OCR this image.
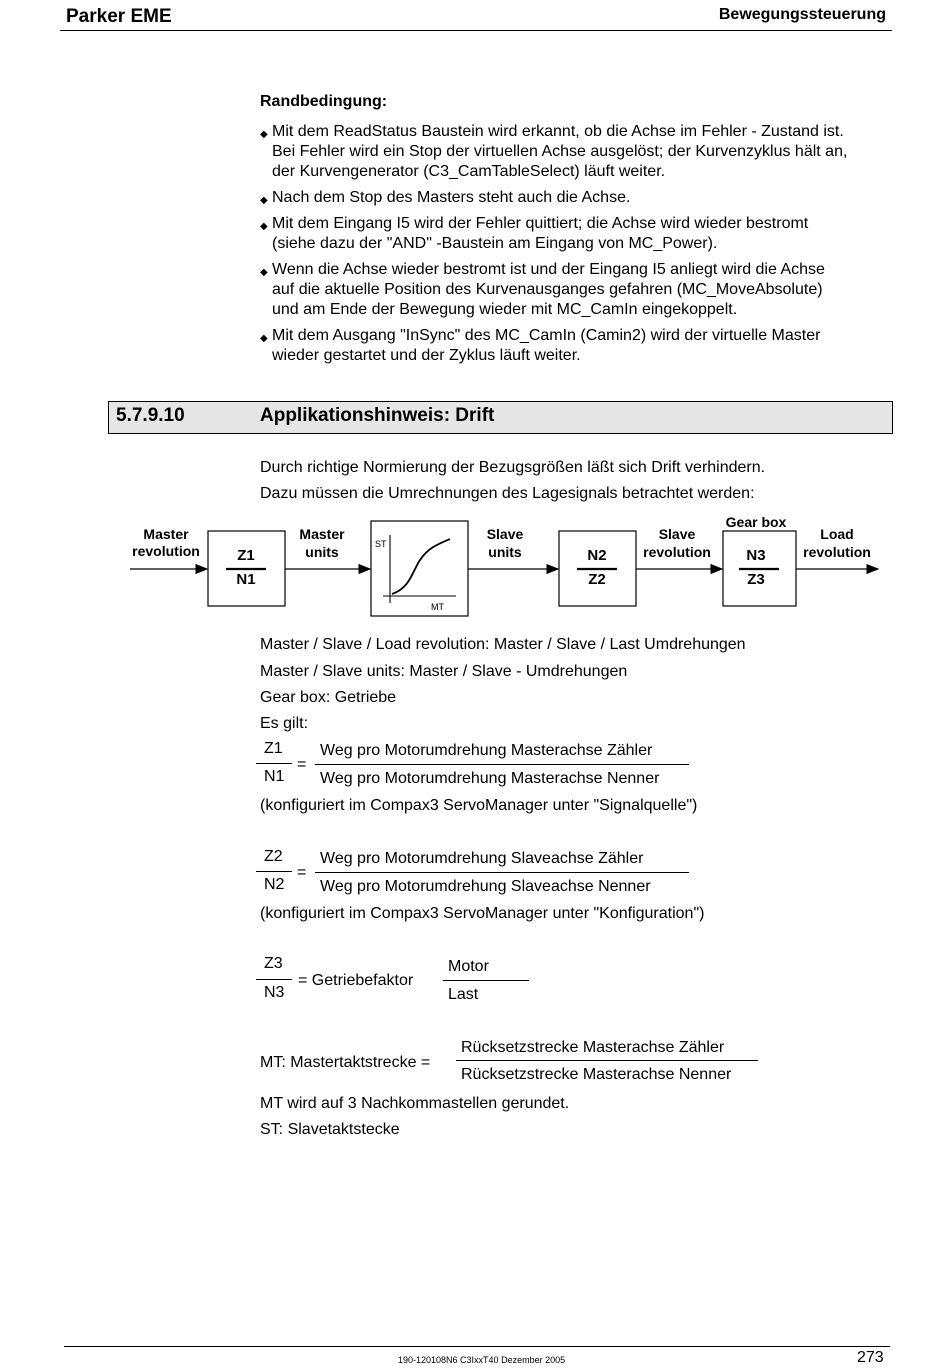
Parker EME	Bewegungssteuerung
Randbedingung:
◆ Mit dem ReadStatus Baustein wird erkannt, ob die Achse im Fehler - Zustand ist.
Bei Fehler wird ein Stop der virtuellen Achse ausgelöst; der Kurvenzyklus hält an,
der Kurvengenerator (C3_CamTableSelect) läuft weiter.
◆ Nach dem Stop des Masters steht auch die Achse.
◆ Mit dem Eingang I5 wird der Fehler quittiert; die Achse wird wieder bestromt
(siehe dazu der "AND" -Baustein am Eingang von MC_Power).
◆ Wenn die Achse wieder bestromt ist und der Eingang I5 anliegt wird die Achse
auf die aktuelle Position des Kurvenausganges gefahren (MC_MoveAbsolute)
und am Ende der Bewegung wieder mit MC_CamIn eingekoppelt.
◆ Mit dem Ausgang "InSync" des MC_CamIn (Camin2) wird der virtuelle Master
wieder gestartet und der Zyklus läuft weiter.
5.7.9.10	Applikationshinweis: Drift
Durch richtige Normierung der Bezugsgrößen läßt sich Drift verhindern.
Dazu müssen die Umrechnungen des Lagesignals betrachtet werden:
Master
revolution Z1
N1
Master
units	ST
MT
Slave
units	N2
Z2
Slave
revolution
Gear box
N3
Z3
Load
revolution
Master / Slave / Load revolution: Master / Slave / Last Umdrehungen
Master / Slave units: Master / Slave - Umdrehungen
Gear box: Getriebe
Es gilt:
Z1
N1
=
Weg pro Motorumdrehung Masterachse Zähler
Weg pro Motorumdrehung Masterachse Nenner
(konfiguriert im Compax3 ServoManager unter "Signalquelle")
Z2
N2
=
Weg pro Motorumdrehung Slaveachse Zähler
Weg pro Motorumdrehung Slaveachse Nenner
(konfiguriert im Compax3 ServoManager unter "Konfiguration")
Z3
N3
= Getriebefaktor
Motor
Last
MT: Mastertaktstrecke =
Rücksetzstrecke Masterachse Zähler
Rücksetzstrecke Masterachse Nenner
MT wird auf 3 Nachkommastellen gerundet.
ST: Slavetaktstecke
190-120108N6 C3IxxT40 Dezember 2005	273
